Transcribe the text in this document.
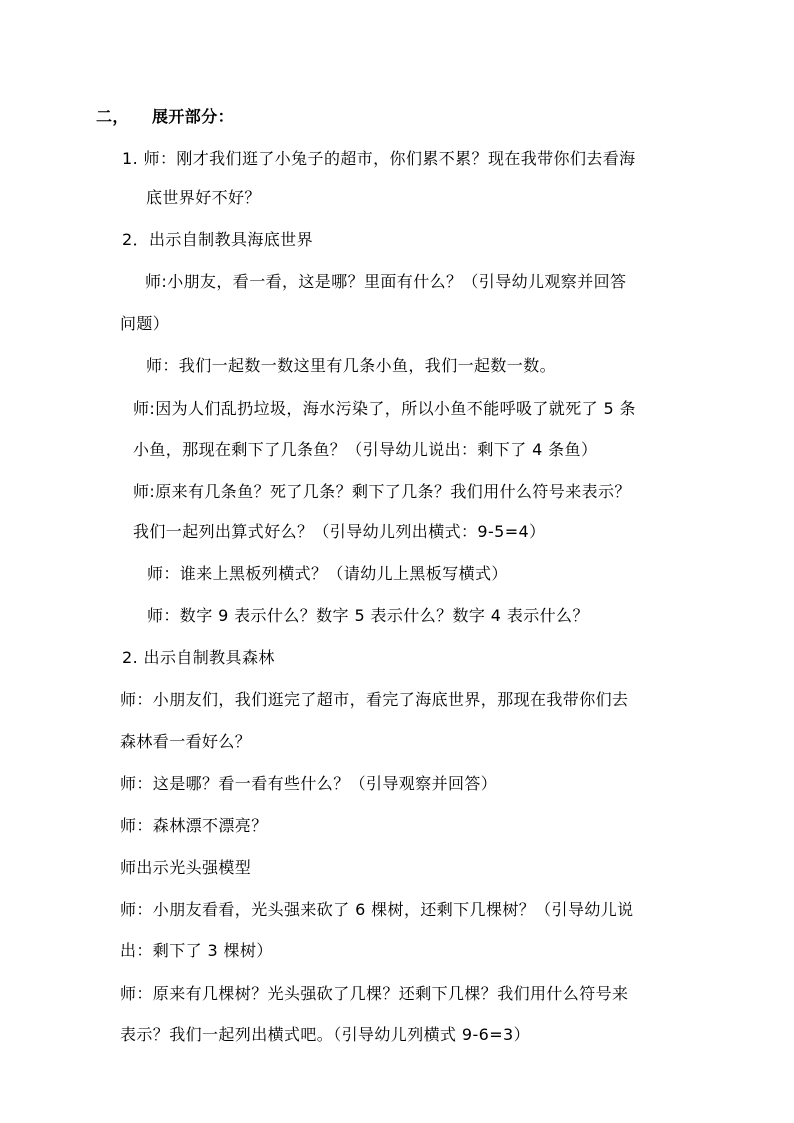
二， 展开部分：
1. 师：刚才我们逛了小兔子的超市，你们累不累？现在我带你们去看海
底世界好不好？
2．出示自制教具海底世界
师:小朋友，看一看，这是哪？里面有什么？（引导幼儿观察并回答
问题）
师：我们一起数一数这里有几条小鱼，我们一起数一数。
师:因为人们乱扔垃圾，海水污染了，所以小鱼不能呼吸了就死了 5 条
小鱼，那现在剩下了几条鱼？（引导幼儿说出：剩下了 4 条鱼）
师:原来有几条鱼？死了几条？剩下了几条？我们用什么符号来表示？
我们一起列出算式好么？（引导幼儿列出横式：9-5=4）
师：谁来上黑板列横式？（请幼儿上黑板写横式）
师：数字 9 表示什么？数字 5 表示什么？数字 4 表示什么？
2. 出示自制教具森林
师：小朋友们，我们逛完了超市，看完了海底世界，那现在我带你们去
森林看一看好么？
师：这是哪？看一看有些什么？（引导观察并回答）
师：森林漂不漂亮？
师出示光头强模型
师：小朋友看看，光头强来砍了 6 棵树，还剩下几棵树？（引导幼儿说
出：剩下了 3 棵树）
师：原来有几棵树？光头强砍了几棵？还剩下几棵？我们用什么符号来
表示？我们一起列出横式吧。（引导幼儿列横式 9-6=3）
